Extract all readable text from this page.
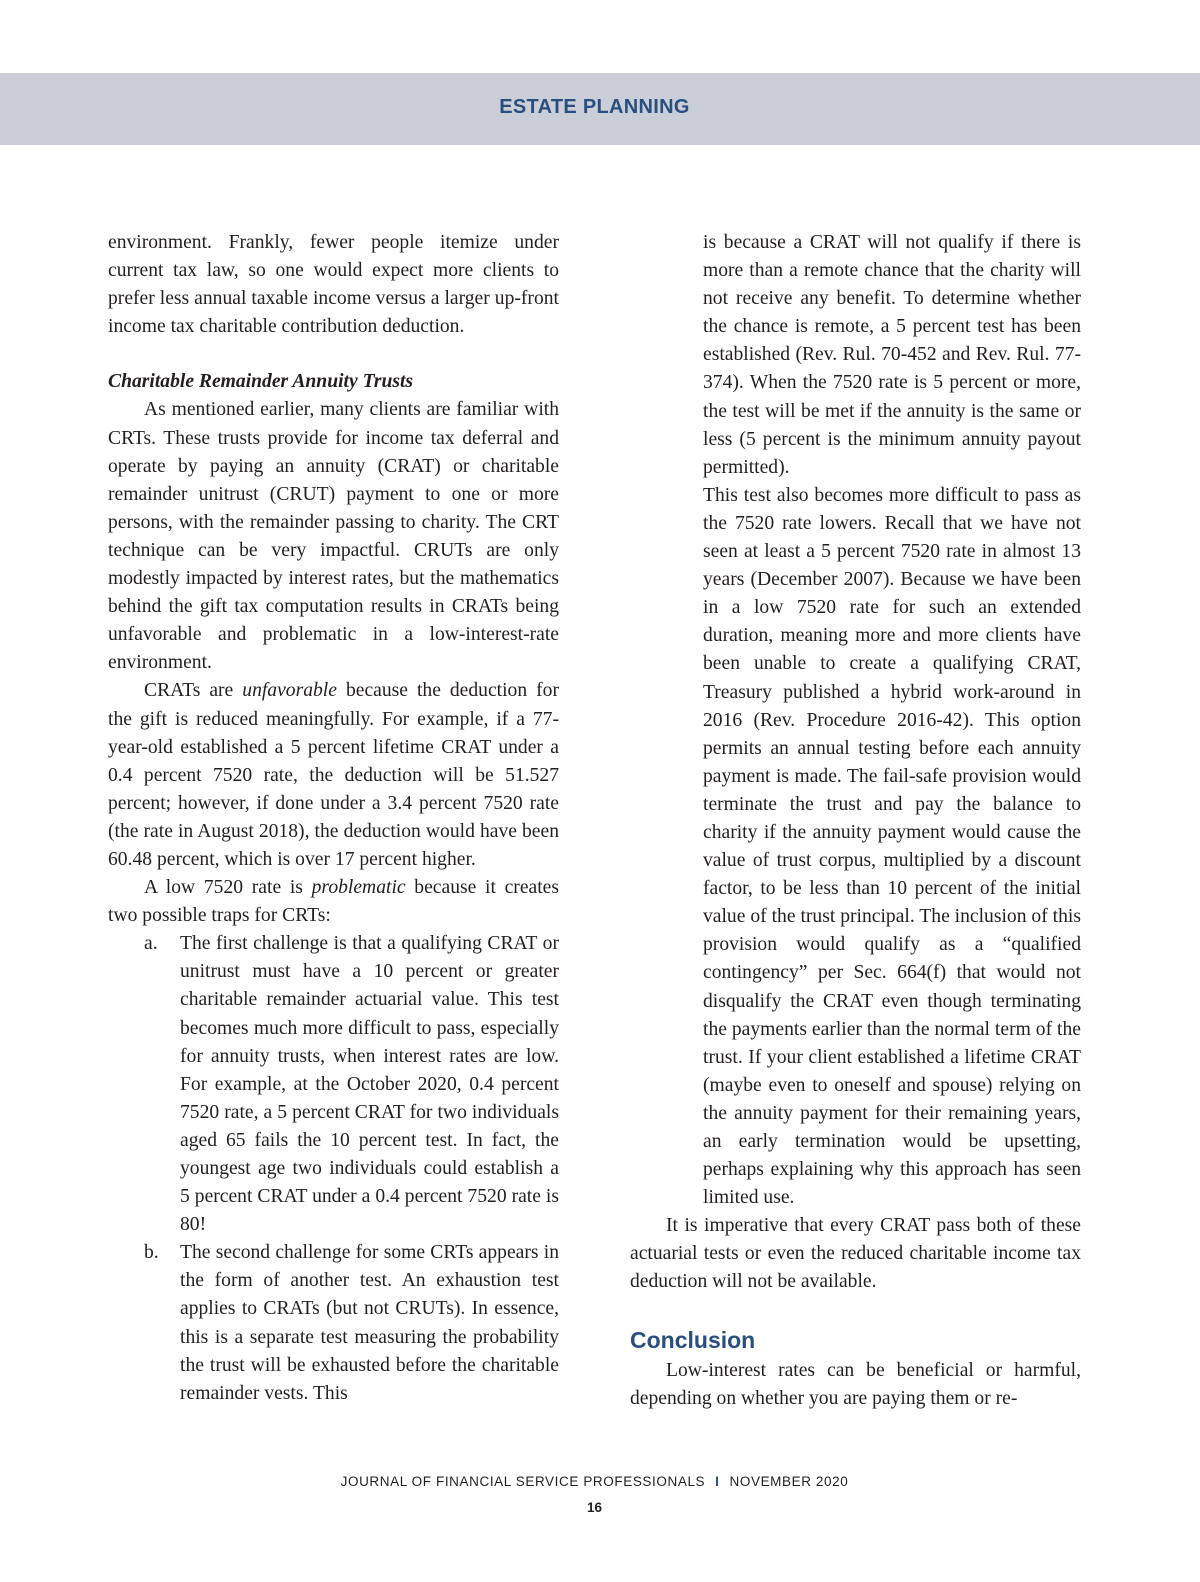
ESTATE PLANNING

environment. Frankly, fewer people itemize under current tax law, so one would expect more clients to prefer less annual taxable income versus a larger up-front income tax charitable contribution deduction.

Charitable Remainder Annuity Trusts

As mentioned earlier, many clients are familiar with CRTs. These trusts provide for income tax deferral and operate by paying an annuity (CRAT) or charitable remainder unitrust (CRUT) payment to one or more persons, with the remainder passing to charity. The CRT technique can be very impactful. CRUTs are only modestly impacted by interest rates, but the mathematics behind the gift tax computation results in CRATs being unfavorable and problematic in a low-interest-rate environment.

CRATs are unfavorable because the deduction for the gift is reduced meaningfully. For example, if a 77-year-old established a 5 percent lifetime CRAT under a 0.4 percent 7520 rate, the deduction will be 51.527 percent; however, if done under a 3.4 percent 7520 rate (the rate in August 2018), the deduction would have been 60.48 percent, which is over 17 percent higher.

A low 7520 rate is problematic because it creates two possible traps for CRTs:

a. The first challenge is that a qualifying CRAT or unitrust must have a 10 percent or greater charitable remainder actuarial value. This test becomes much more difficult to pass, especially for annuity trusts, when interest rates are low. For example, at the October 2020, 0.4 percent 7520 rate, a 5 percent CRAT for two individuals aged 65 fails the 10 percent test. In fact, the youngest age two individuals could establish a 5 percent CRAT under a 0.4 percent 7520 rate is 80!

b. The second challenge for some CRTs appears in the form of another test. An exhaustion test applies to CRATs (but not CRUTs). In essence, this is a separate test measuring the probability the trust will be exhausted before the charitable remainder vests. This

is because a CRAT will not qualify if there is more than a remote chance that the charity will not receive any benefit. To determine whether the chance is remote, a 5 percent test has been established (Rev. Rul. 70-452 and Rev. Rul. 77-374). When the 7520 rate is 5 percent or more, the test will be met if the annuity is the same or less (5 percent is the minimum annuity payout permitted).

This test also becomes more difficult to pass as the 7520 rate lowers. Recall that we have not seen at least a 5 percent 7520 rate in almost 13 years (December 2007). Because we have been in a low 7520 rate for such an extended duration, meaning more and more clients have been unable to create a qualifying CRAT, Treasury published a hybrid work-around in 2016 (Rev. Procedure 2016-42). This option permits an annual testing before each annuity payment is made. The fail-safe provision would terminate the trust and pay the balance to charity if the annuity payment would cause the value of trust corpus, multiplied by a discount factor, to be less than 10 percent of the initial value of the trust principal. The inclusion of this provision would qualify as a “qualified contingency” per Sec. 664(f) that would not disqualify the CRAT even though terminating the payments earlier than the normal term of the trust. If your client established a lifetime CRAT (maybe even to oneself and spouse) relying on the annuity payment for their remaining years, an early termination would be upsetting, perhaps explaining why this approach has seen limited use.

It is imperative that every CRAT pass both of these actuarial tests or even the reduced charitable income tax deduction will not be available.

Conclusion

Low-interest rates can be beneficial or harmful, depending on whether you are paying them or re-

JOURNAL OF FINANCIAL SERVICE PROFESSIONALS I NOVEMBER 2020
16
